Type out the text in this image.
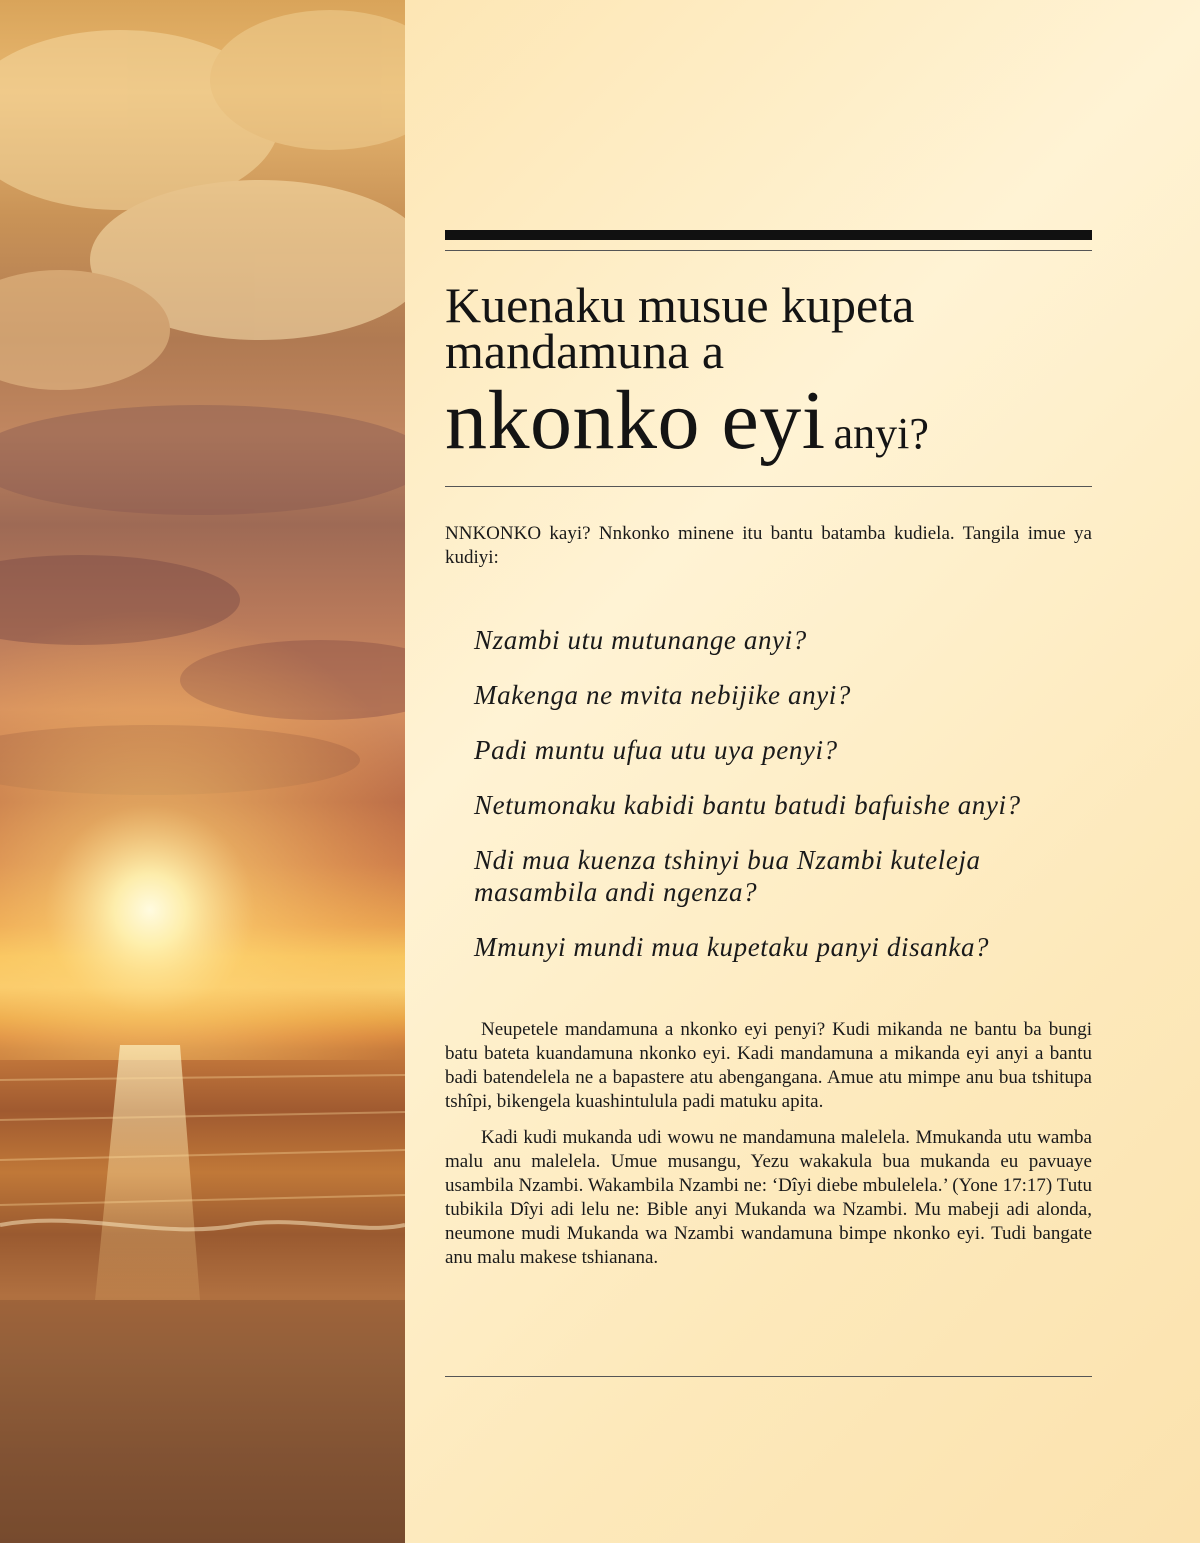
Kuenaku musue kupeta
mandamuna a
nkonko eyi anyi?

NNKONKO kayi? Nnkonko minene itu bantu batamba kudiela. Tangila imue ya kudiyi:

Nzambi utu mutunange anyi?
Makenga ne mvita nebijike anyi?
Padi muntu ufua utu uya penyi?
Netumonaku kabidi bantu batudi bafuishe anyi?
Ndi mua kuenza tshinyi bua Nzambi kuteleja masambila andi ngenza?
Mmunyi mundi mua kupetaku panyi disanka?

Neupetele mandamuna a nkonko eyi penyi? Kudi mikanda ne bantu ba bungi batu bateta kuandamuna nkonko eyi. Kadi mandamuna a mikanda eyi anyi a bantu badi batendelela ne a bapastere atu abengangana. Amue atu mimpe anu bua tshitupa tshîpi, bikengela kuashintulula padi matuku apita.

Kadi kudi mukanda udi wowu ne mandamuna malelela. Mmukanda utu wamba malu anu malelela. Umue musangu, Yezu wakakula bua mukanda eu pavuaye usambila Nzambi. Wakambila Nzambi ne: ‘Dîyi diebe mbulelela.’ (Yone 17:17) Tutu tubikila Dîyi adi lelu ne: Bible anyi Mukanda wa Nzambi. Mu mabeji adi alonda, neumone mudi Mukanda wa Nzambi wandamuna bimpe nkonko eyi. Tudi bangate anu malu makese tshianana.
